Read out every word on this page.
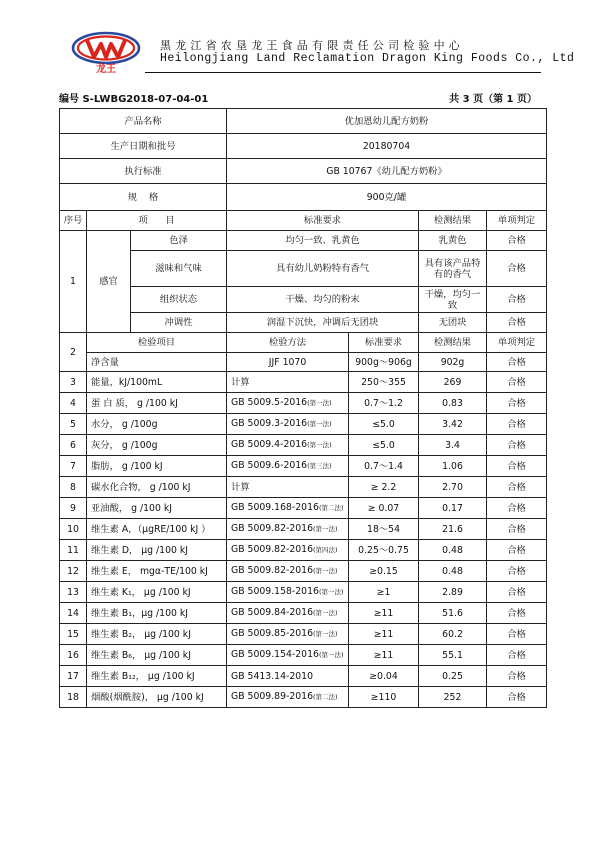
龙王
黑龙江省农垦龙王食品有限责任公司检验中心
Heilongjiang Land Reclamation Dragon King Foods Co., Ltd
编号 S-LWBG2018-07-04-01	共 3 页（第 1 页）
产品名称			优加恩幼儿配方奶粉			
生产日期和批号			20180704			
执行标准			GB 10767《幼儿配方奶粉》			
规    格			900克/罐			
序号	项      目		标准要求		检测结果	单项判定
1	感官	色泽	均匀一致、乳黄色		乳黄色	合格
		滋味和气味	具有幼儿奶粉特有香气		具有该产品特有的香气	合格
		组织状态	干燥、均匀的粉末		干燥，均匀一致	合格
		冲调性	润湿下沉快，冲调后无团块		无团块	合格
2	检验项目		检验方法	标准要求	检测结果	单项判定
	净含量		JJF 1070	900g～906g	902g	合格
3	能量，kJ/100mL		计算	250～355	269	合格
4	蛋 白 质， g /100 kJ		GB 5009.5-2016(第一法)	0.7～1.2	0.83	合格
5	水分， g /100g		GB 5009.3-2016(第一法)	≤5.0	3.42	合格
6	灰分， g /100g		GB 5009.4-2016(第一法)	≤5.0	3.4	合格
7	脂肪， g /100 kJ		GB 5009.6-2016(第三法)	0.7～1.4	1.06	合格
8	碳水化合物， g /100 kJ		计算	≥ 2.2	2.70	合格
9	亚油酸， g /100 kJ		GB 5009.168-2016(第二法)	≥ 0.07	0.17	合格
10	维生素 A，（μgRE/100 kJ ）		GB 5009.82-2016(第一法)	18～54	21.6	合格
11	维生素 D， μg /100 kJ		GB 5009.82-2016(第四法)	0.25～0.75	0.48	合格
12	维生素 E， mgα-TE/100 kJ		GB 5009.82-2016(第一法)	≥0.15	0.48	合格
13	维生素 K₁， μg /100 kJ		GB 5009.158-2016(第一法)	≥1	2.89	合格
14	维生素 B₁，μg /100 kJ		GB 5009.84-2016(第一法)	≥11	51.6	合格
15	维生素 B₂， μg /100 kJ		GB 5009.85-2016(第一法)	≥11	60.2	合格
16	维生素 B₆， μg /100 kJ		GB 5009.154-2016(第一法)	≥11	55.1	合格
17	维生素 B₁₂， μg /100 kJ		GB 5413.14-2010	≥0.04	0.25	合格
18	烟酸(烟酰胺)， μg /100 kJ		GB 5009.89-2016(第二法)	≥110	252	合格
